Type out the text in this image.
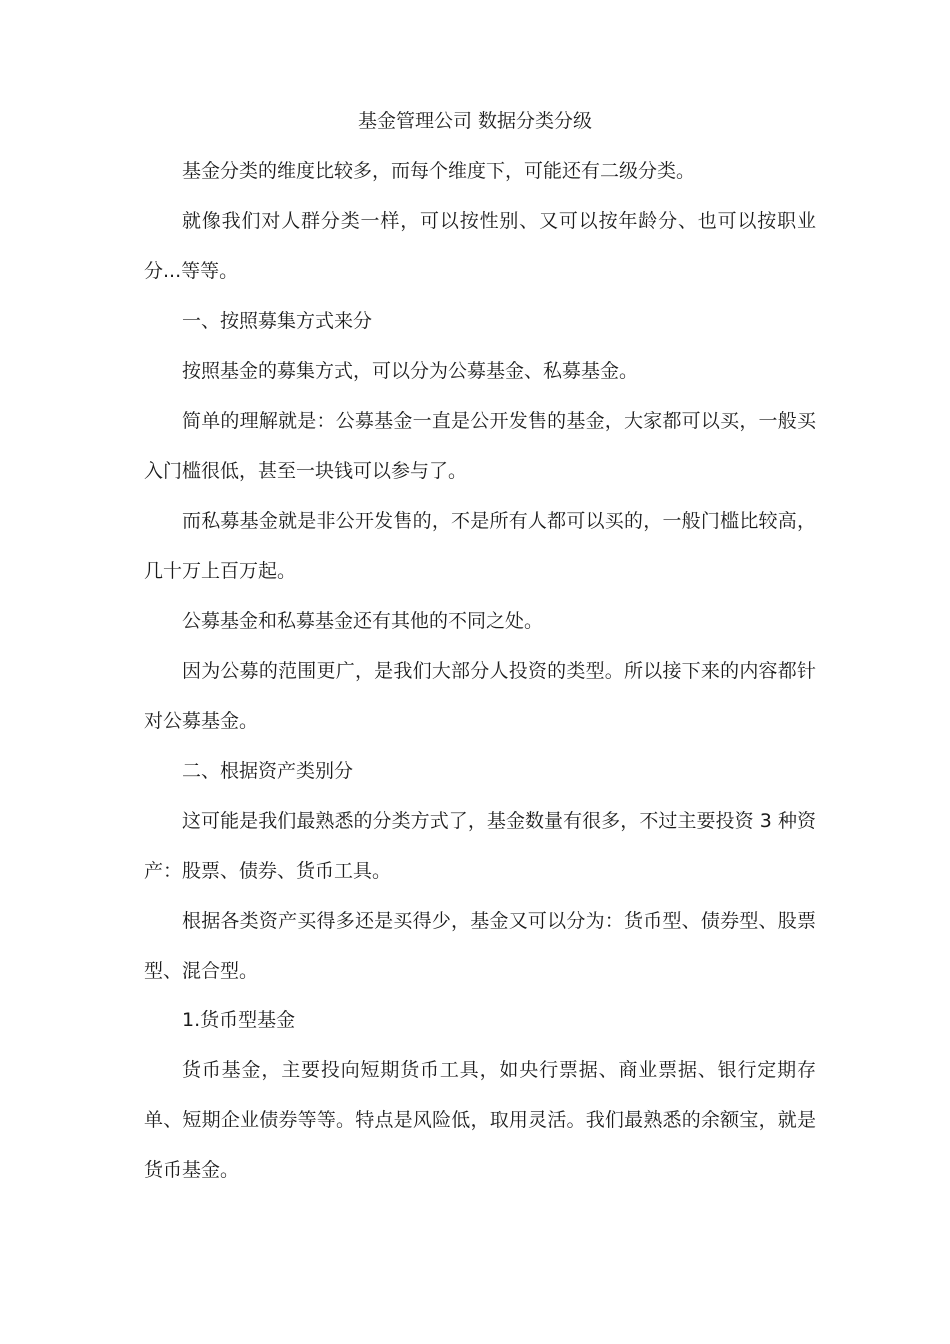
基金管理公司 数据分类分级

基金分类的维度比较多，而每个维度下，可能还有二级分类。

就像我们对人群分类一样，可以按性别、又可以按年龄分、也可以按职业分...等等。

一、按照募集方式来分

按照基金的募集方式，可以分为公募基金、私募基金。

简单的理解就是：公募基金一直是公开发售的基金，大家都可以买，一般买入门槛很低，甚至一块钱可以参与了。

而私募基金就是非公开发售的，不是所有人都可以买的，一般门槛比较高，几十万上百万起。

公募基金和私募基金还有其他的不同之处。

因为公募的范围更广，是我们大部分人投资的类型。所以接下来的内容都针对公募基金。

二、根据资产类别分

这可能是我们最熟悉的分类方式了，基金数量有很多，不过主要投资 3 种资产：股票、债券、货币工具。

根据各类资产买得多还是买得少，基金又可以分为：货币型、债券型、股票型、混合型。

1.货币型基金

货币基金，主要投向短期货币工具，如央行票据、商业票据、银行定期存单、短期企业债券等等。特点是风险低，取用灵活。我们最熟悉的余额宝，就是货币基金。
